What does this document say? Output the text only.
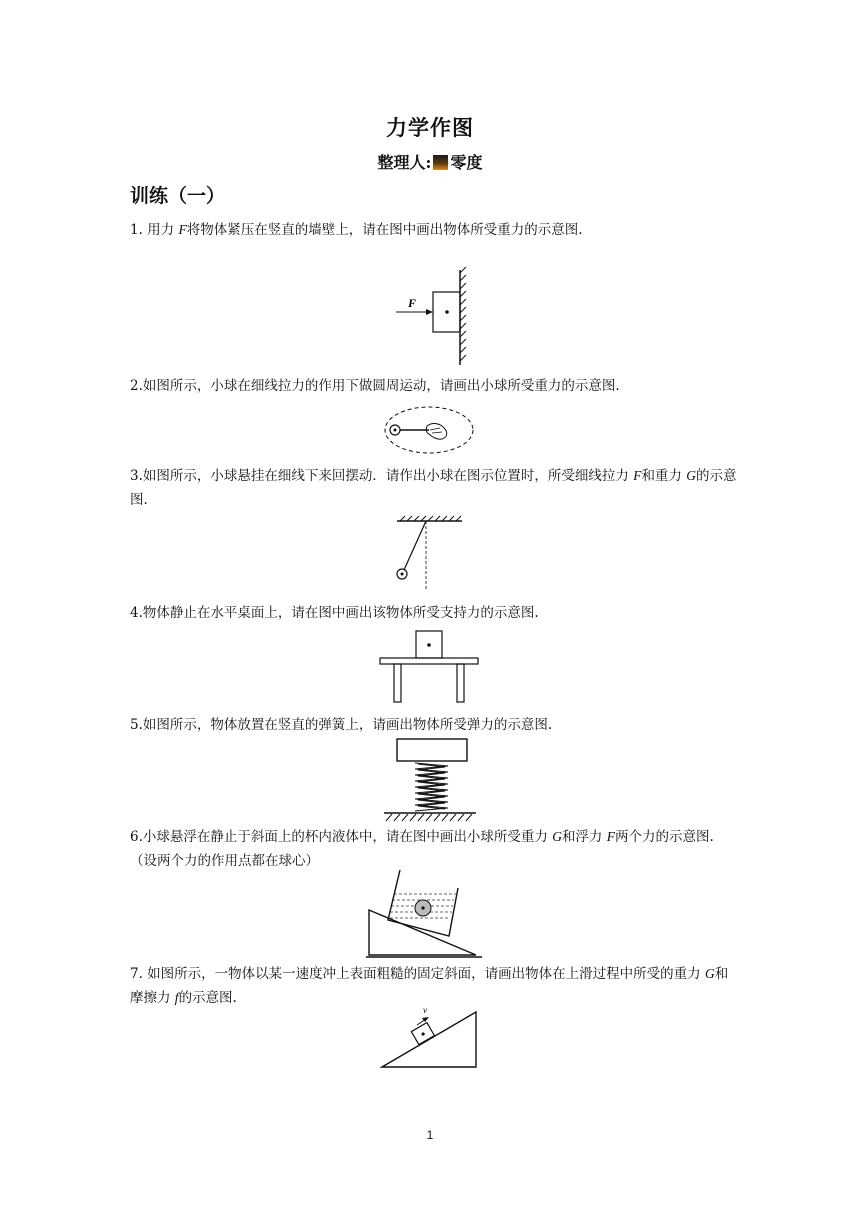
力学作图
整理人: 零度
训练（一）
1. 用力 F将物体紧压在竖直的墙壁上，请在图中画出物体所受重力的示意图.
F
2.如图所示，小球在细线拉力的作用下做圆周运动，请画出小球所受重力的示意图.
3.如图所示，小球悬挂在细线下来回摆动．请作出小球在图示位置时，所受细线拉力 F和重力 G的示意图.
4.物体静止在水平桌面上，请在图中画出该物体所受支持力的示意图.
5.如图所示，物体放置在竖直的弹簧上，请画出物体所受弹力的示意图.
6.小球悬浮在静止于斜面上的杯内液体中，请在图中画出小球所受重力 G和浮力 F两个力的示意图.（设两个力的作用点都在球心）
7. 如图所示，一物体以某一速度冲上表面粗糙的固定斜面，请画出物体在上滑过程中所受的重力 G和摩擦力 f的示意图.
v
1
